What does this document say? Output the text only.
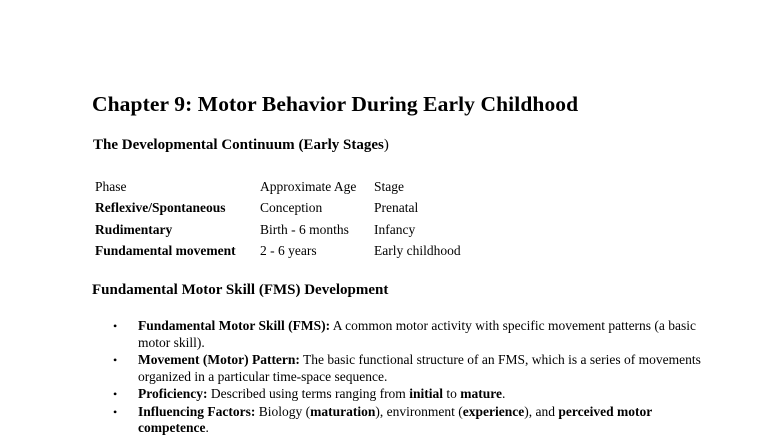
Chapter 9: Motor Behavior During Early Childhood
The Developmental Continuum (Early Stages)
Phase	Approximate Age	Stage
Reflexive/Spontaneous	Conception	Prenatal
Rudimentary	Birth - 6 months	Infancy
Fundamental movement	2 - 6 years	Early childhood
Fundamental Motor Skill (FMS) Development
• Fundamental Motor Skill (FMS): A common motor activity with specific movement patterns (a basic motor skill).
• Movement (Motor) Pattern: The basic functional structure of an FMS, which is a series of movements organized in a particular time-space sequence.
• Proficiency: Described using terms ranging from initial to mature.
• Influencing Factors: Biology (maturation), environment (experience), and perceived motor competence.
